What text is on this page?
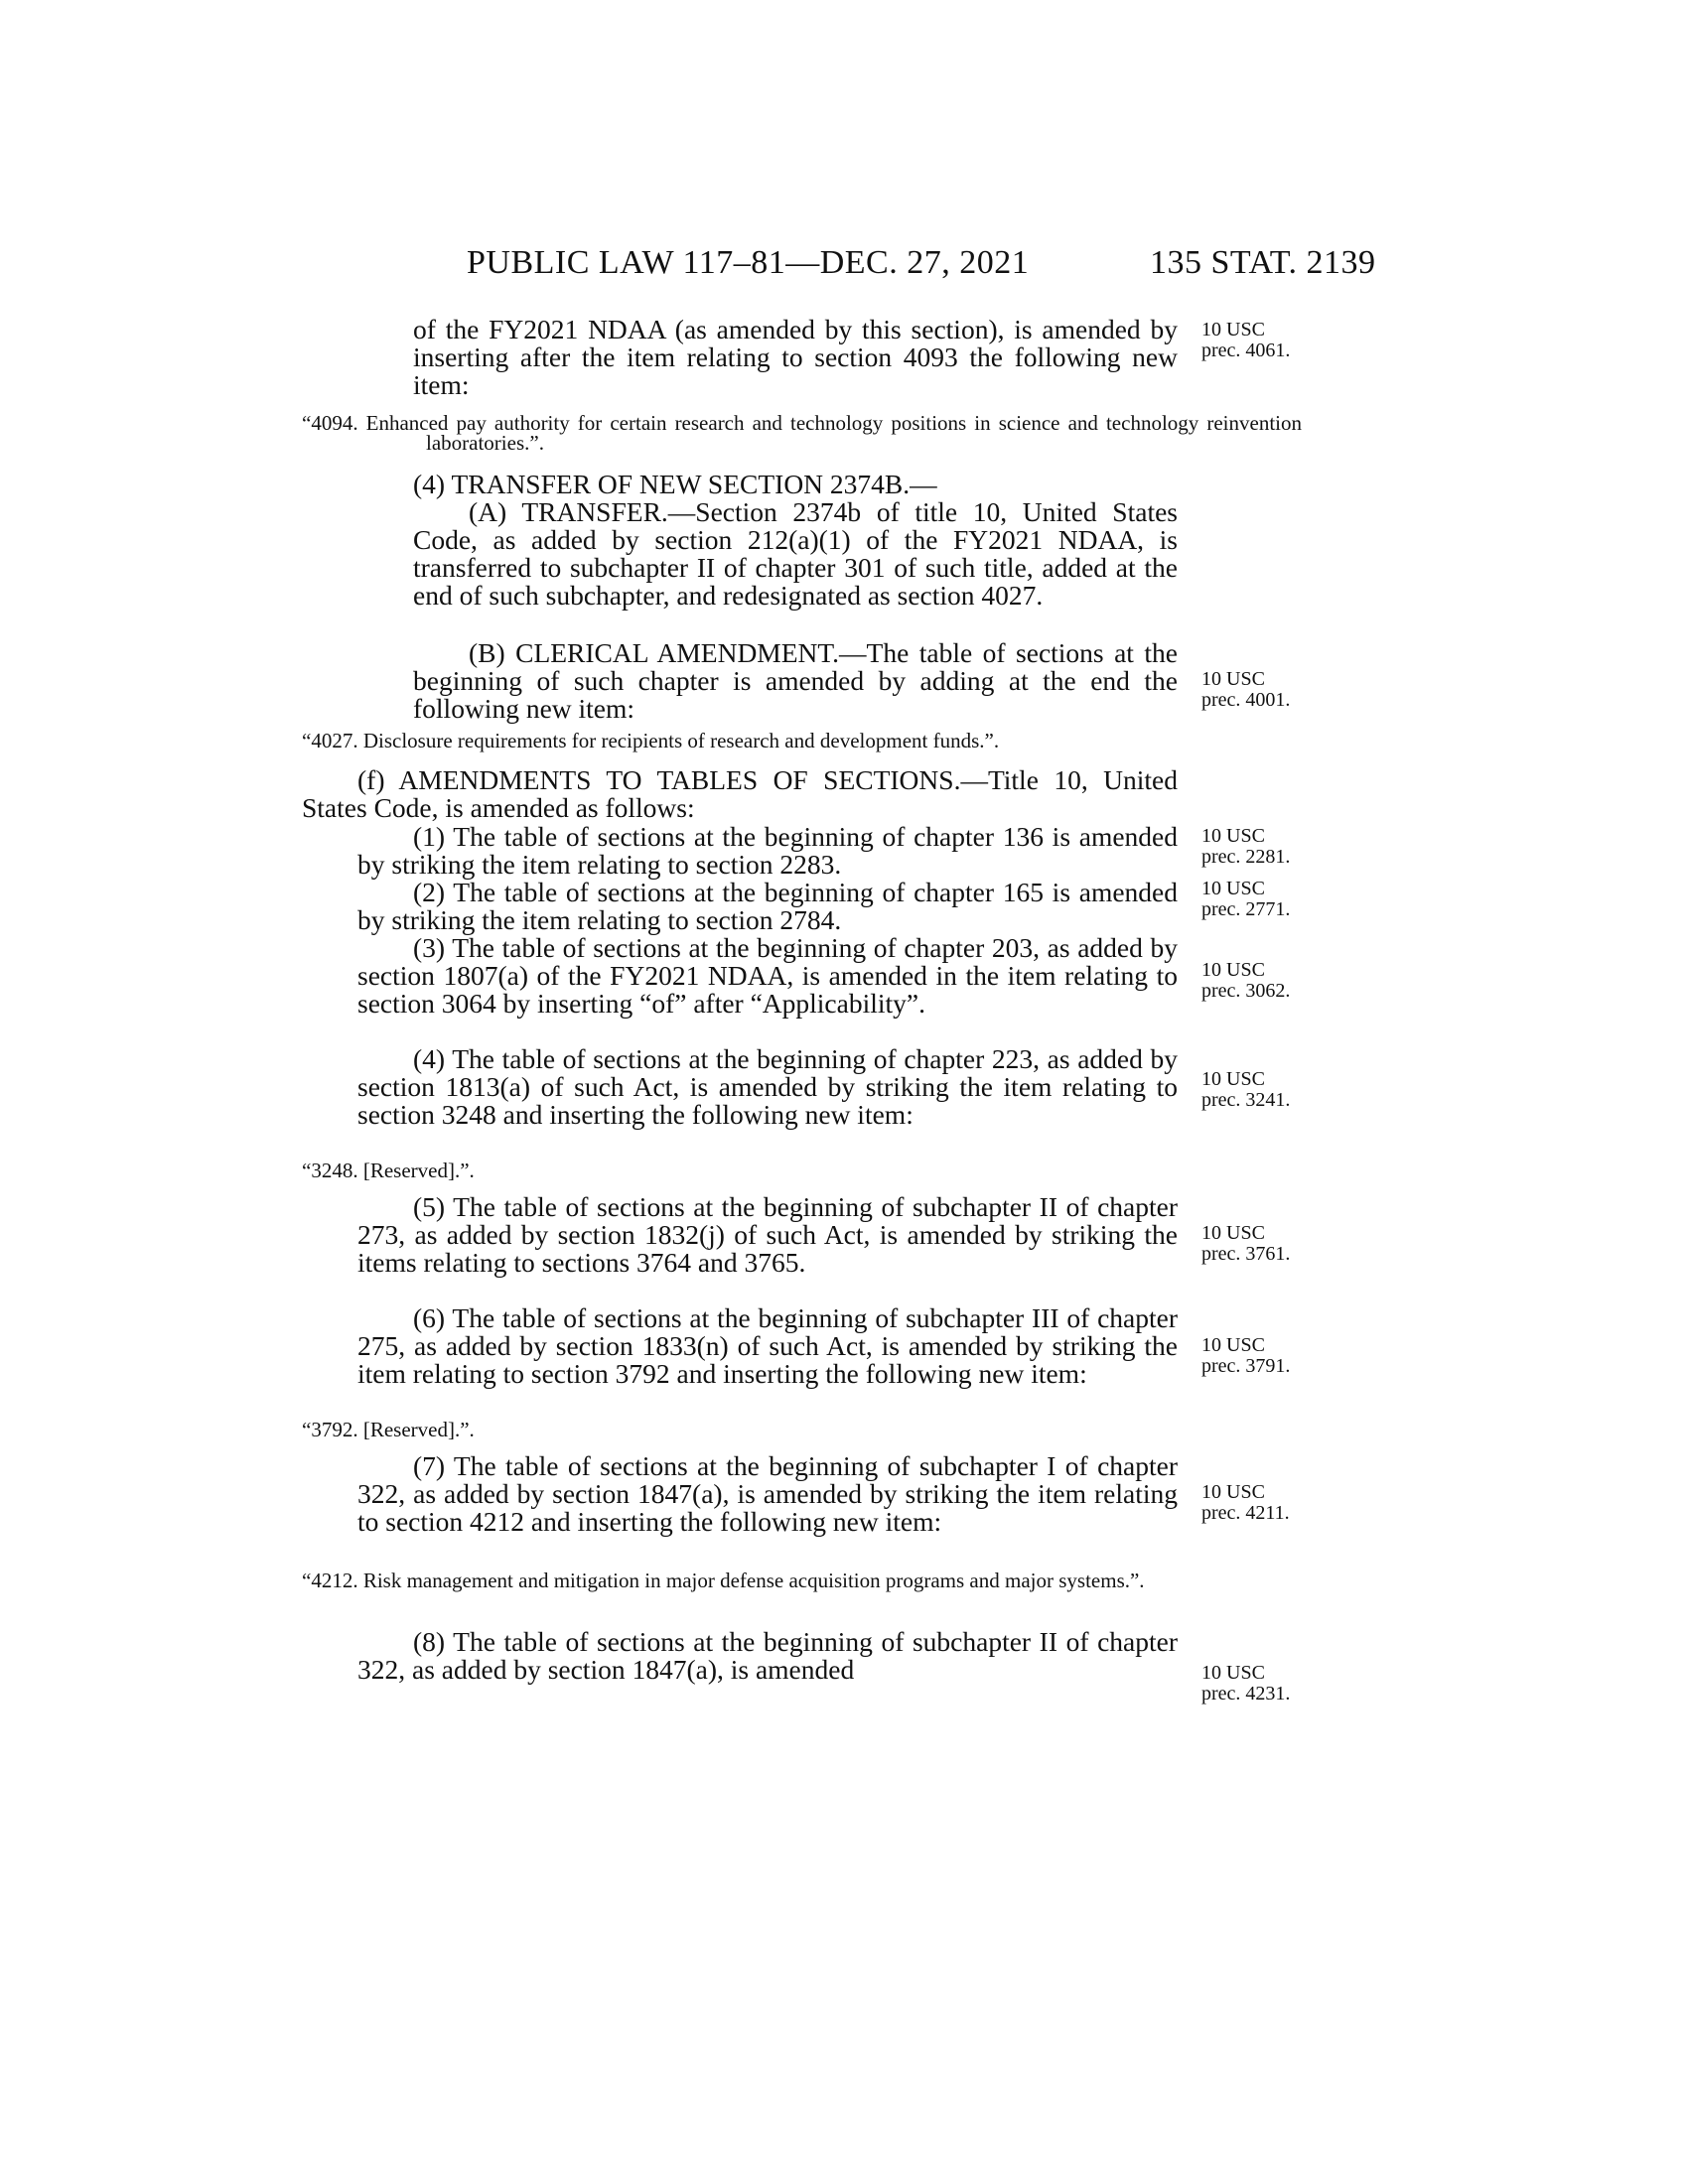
PUBLIC LAW 117–81—DEC. 27, 2021	135 STAT. 2139
of the FY2021 NDAA (as amended by this section), is amended by inserting after the item relating to section 4093 the following new item:
“4094. Enhanced pay authority for certain research and technology positions in science and technology reinvention laboratories.”.
(4) TRANSFER OF NEW SECTION 2374B.—
(A) TRANSFER.—Section 2374b of title 10, United States Code, as added by section 212(a)(1) of the FY2021 NDAA, is transferred to subchapter II of chapter 301 of such title, added at the end of such subchapter, and redesignated as section 4027.
(B) CLERICAL AMENDMENT.—The table of sections at the beginning of such chapter is amended by adding at the end the following new item:
“4027. Disclosure requirements for recipients of research and development funds.”.
(f) AMENDMENTS TO TABLES OF SECTIONS.—Title 10, United States Code, is amended as follows:
(1) The table of sections at the beginning of chapter 136 is amended by striking the item relating to section 2283.
(2) The table of sections at the beginning of chapter 165 is amended by striking the item relating to section 2784.
(3) The table of sections at the beginning of chapter 203, as added by section 1807(a) of the FY2021 NDAA, is amended in the item relating to section 3064 by inserting “of” after “Applicability”.
(4) The table of sections at the beginning of chapter 223, as added by section 1813(a) of such Act, is amended by striking the item relating to section 3248 and inserting the following new item:
“3248. [Reserved].”.
(5) The table of sections at the beginning of subchapter II of chapter 273, as added by section 1832(j) of such Act, is amended by striking the items relating to sections 3764 and 3765.
(6) The table of sections at the beginning of subchapter III of chapter 275, as added by section 1833(n) of such Act, is amended by striking the item relating to section 3792 and inserting the following new item:
“3792. [Reserved].”.
(7) The table of sections at the beginning of subchapter I of chapter 322, as added by section 1847(a), is amended by striking the item relating to section 4212 and inserting the following new item:
“4212. Risk management and mitigation in major defense acquisition programs and major systems.”.
(8) The table of sections at the beginning of subchapter II of chapter 322, as added by section 1847(a), is amended
10 USC
prec. 4061.
10 USC
prec. 4001.
10 USC
prec. 2281.
10 USC
prec. 2771.
10 USC
prec. 3062.
10 USC
prec. 3241.
10 USC
prec. 3761.
10 USC
prec. 3791.
10 USC
prec. 4211.
10 USC
prec. 4231.
